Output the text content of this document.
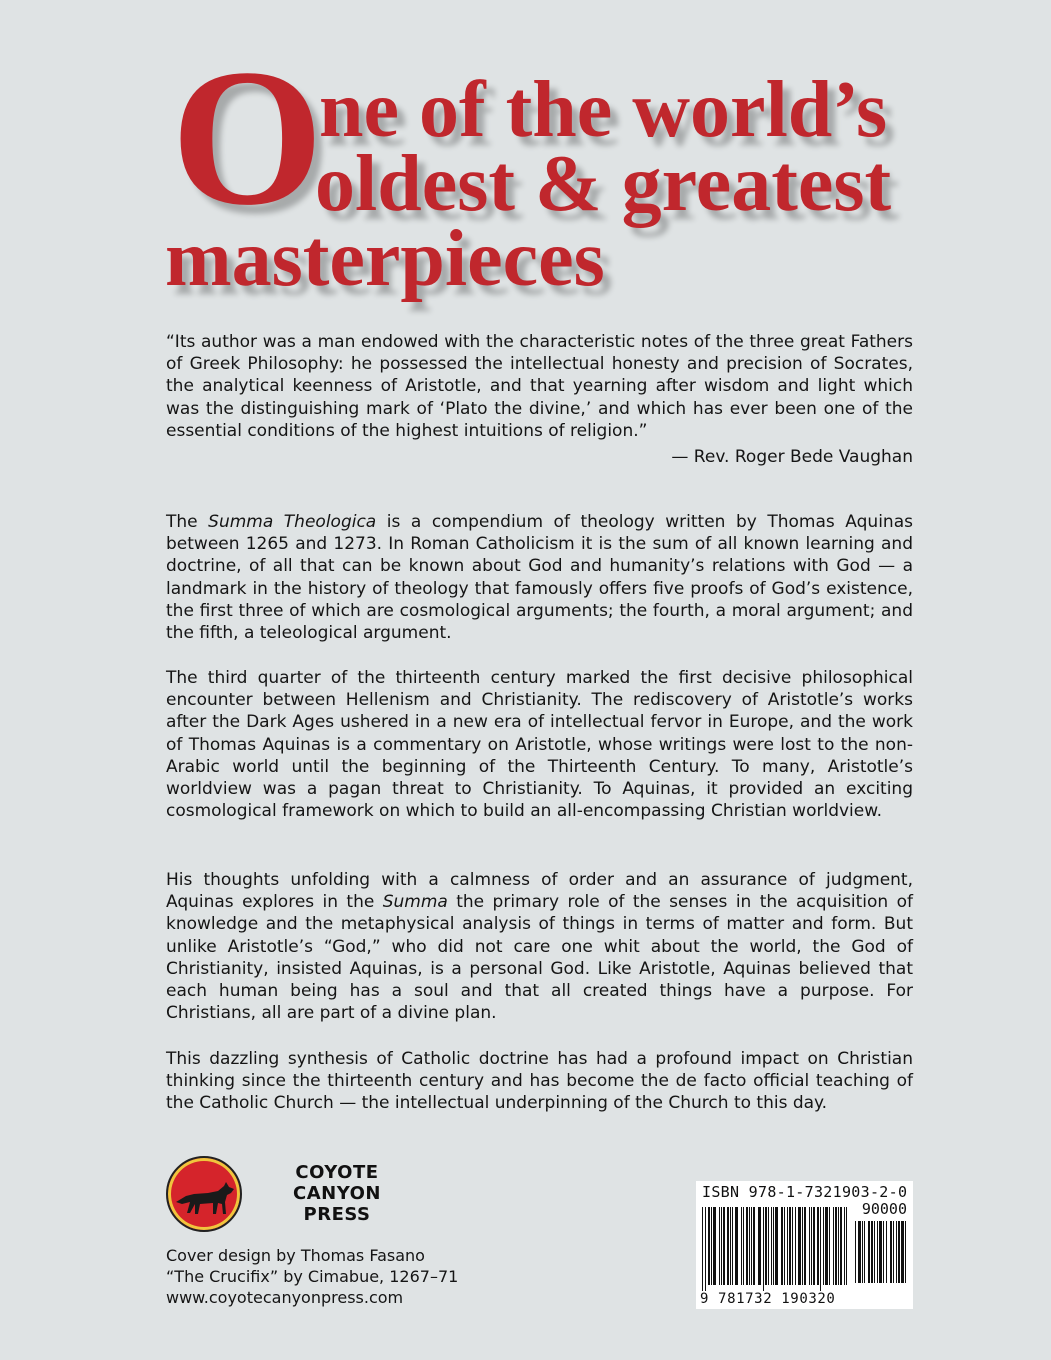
O
ne of the world’s
oldest & greatest
masterpieces

“Its author was a man endowed with the characteristic notes of the three great Fathers of Greek Philosophy: he possessed the intellectual honesty and precision of Socrates, the analytical keenness of Aristotle, and that yearning after wisdom and light which was the distinguishing mark of ‘Plato the divine,’ and which has ever been one of the essential conditions of the highest intuitions of religion.”

— Rev. Roger Bede Vaughan

The Summa Theologica is a compendium of theology written by Thomas Aquinas between 1265 and 1273. In Roman Catholicism it is the sum of all known learning and doctrine, of all that can be known about God and humanity’s relations with God — a landmark in the history of theology that famously offers five proofs of God’s existence, the first three of which are cosmological arguments; the fourth, a moral argument; and the fifth, a teleological argument.

The third quarter of the thirteenth century marked the first decisive philosophical encounter between Hellenism and Christianity. The rediscovery of Aristotle’s works after the Dark Ages ushered in a new era of intellectual fervor in Europe, and the work of Thomas Aquinas is a commentary on Aristotle, whose writings were lost to the non-Arabic world until the beginning of the Thirteenth Century. To many, Aristotle’s worldview was a pagan threat to Christianity. To Aquinas, it provided an exciting cosmological framework on which to build an all-encompassing Christian worldview.

His thoughts unfolding with a calmness of order and an assurance of judgment, Aquinas explores in the Summa the primary role of the senses in the acquisition of knowledge and the metaphysical analysis of things in terms of matter and form. But unlike Aristotle’s “God,” who did not care one whit about the world, the God of Christianity, insisted Aquinas, is a personal God. Like Aristotle, Aquinas believed that each human being has a soul and that all created things have a purpose. For Christians, all are part of a divine plan.

This dazzling synthesis of Catholic doctrine has had a profound impact on Christian thinking since the thirteenth century and has become the de facto official teaching of the Catholic Church — the intellectual underpinning of the Church to this day.

COYOTE
CANYON
PRESS
Cover design by Thomas Fasano
“The Crucifix” by Cimabue, 1267–71
www.coyotecanyonpress.com
ISBN 978-1-7321903-2-0
90000
9 781732 190320
